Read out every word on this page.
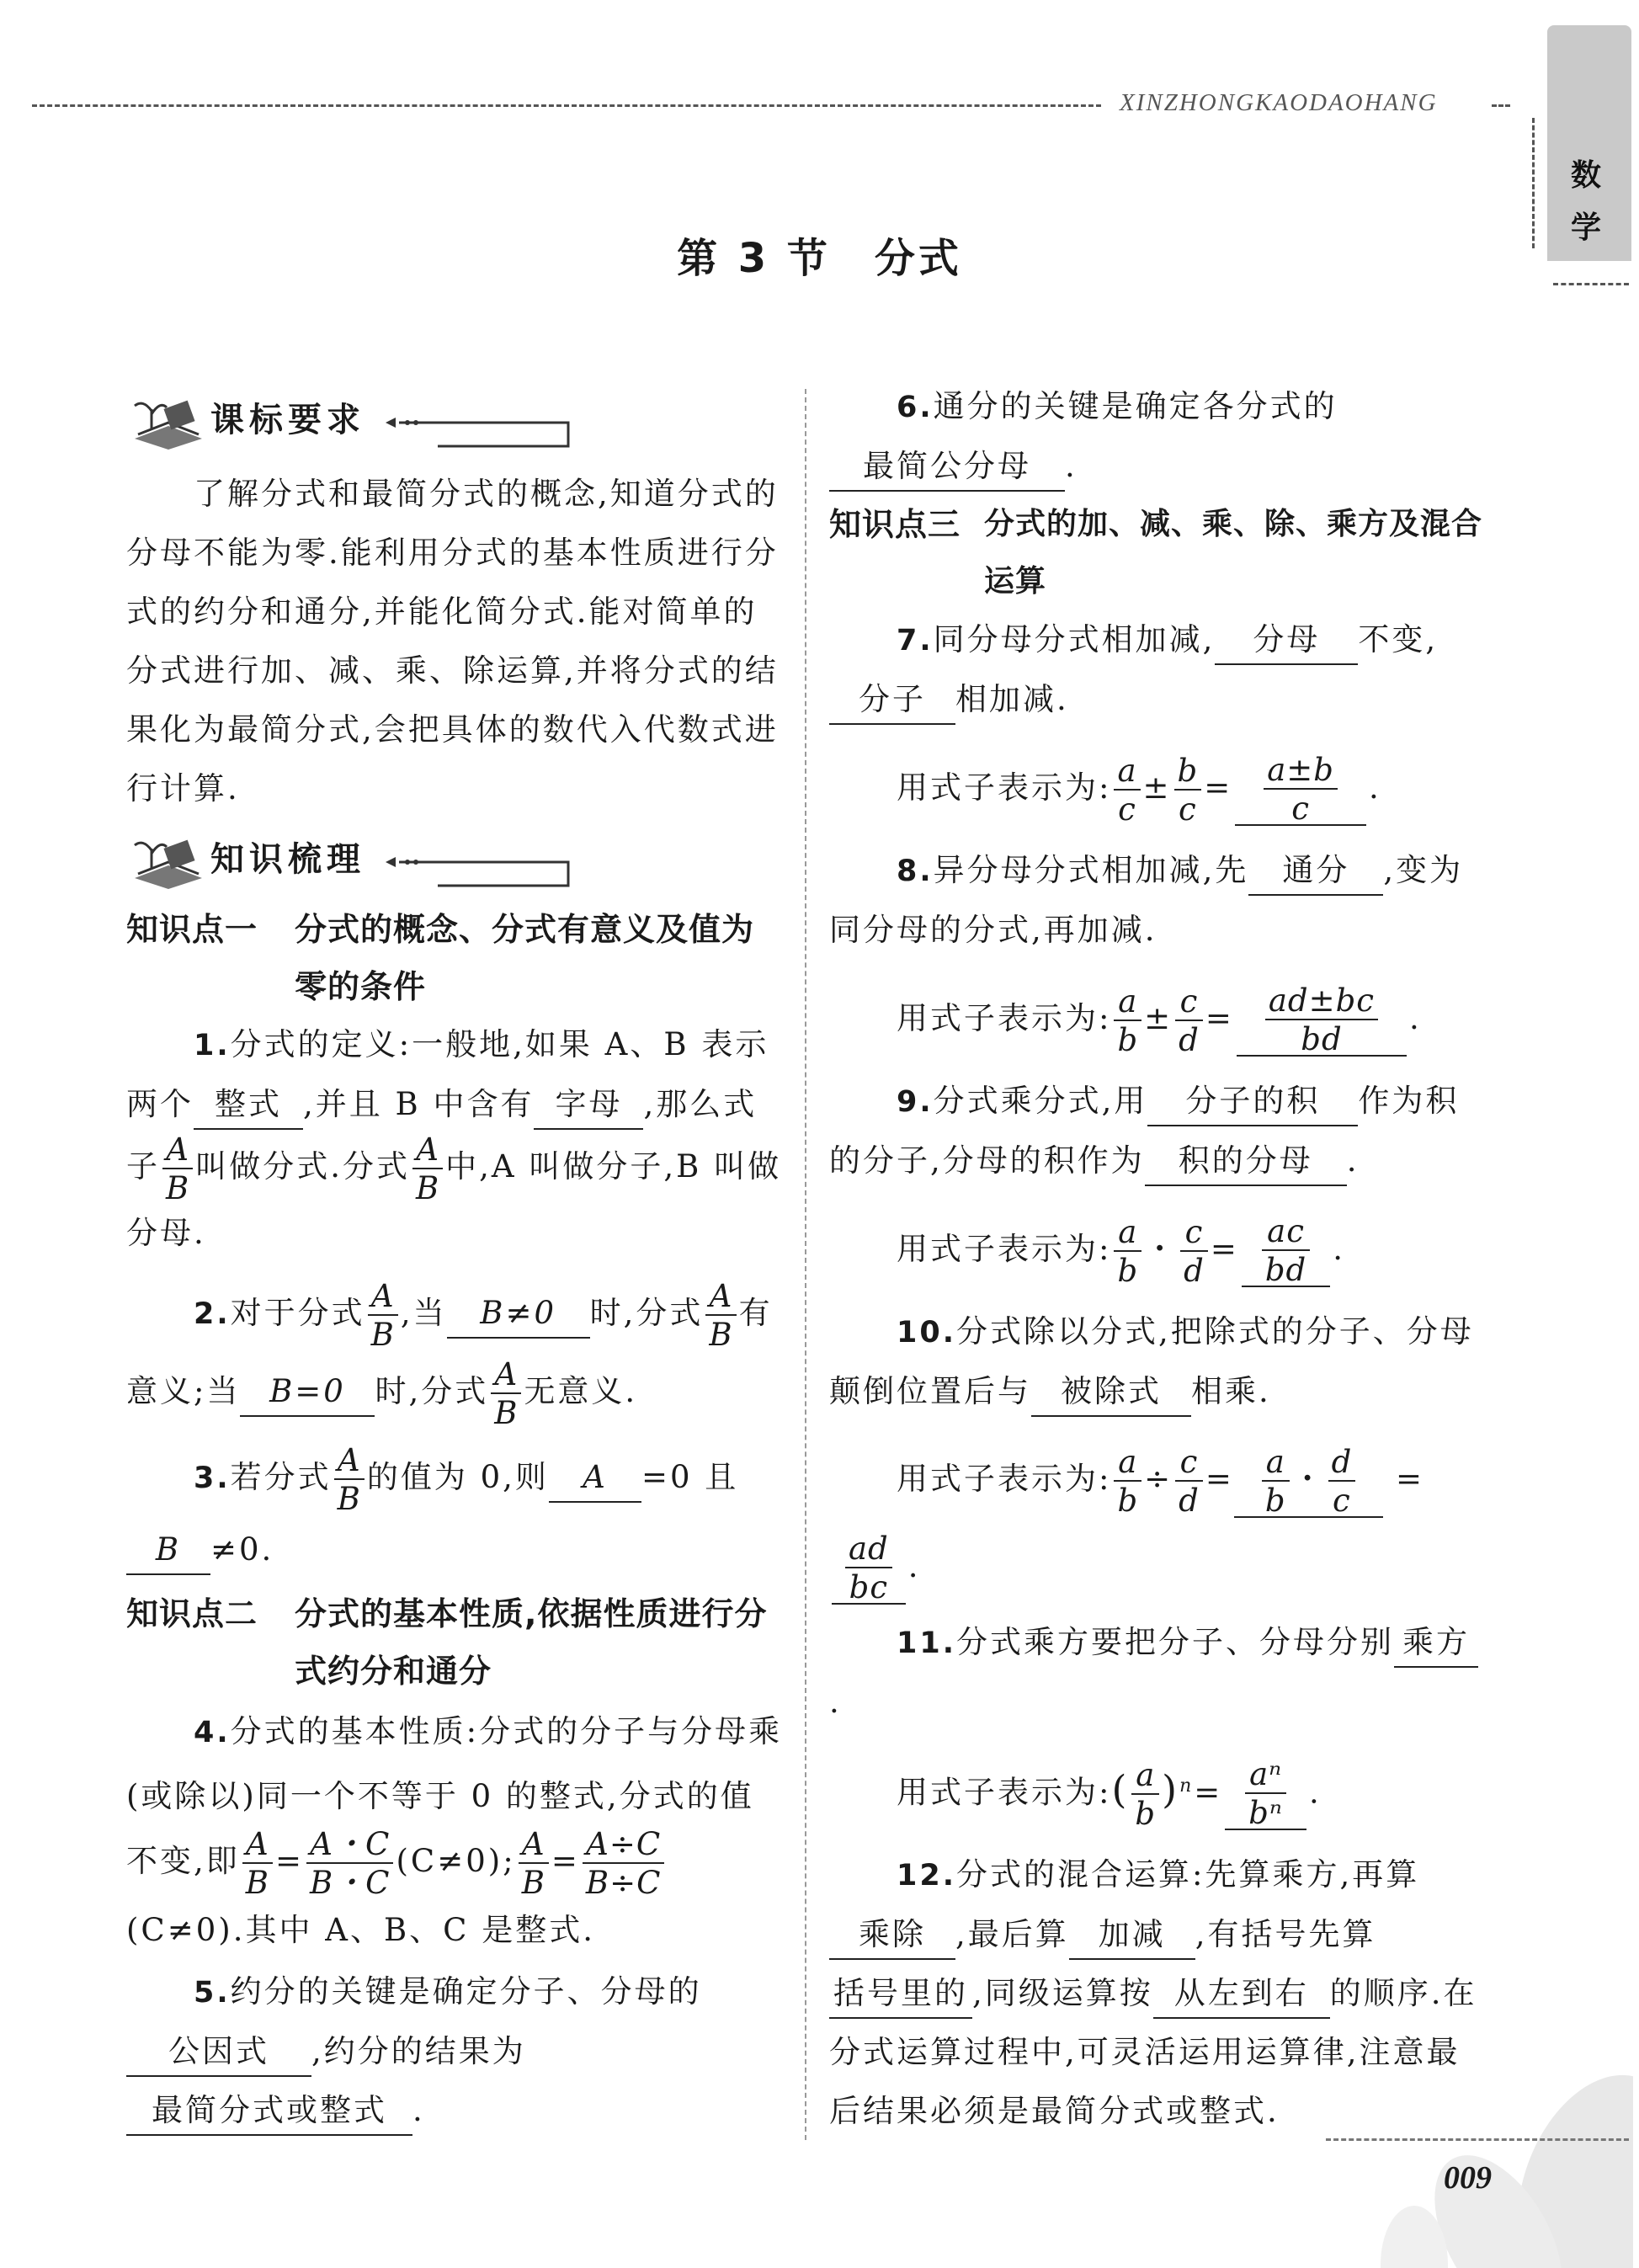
XINZHONGKAODAOHANG
数学
第 3 节　分式
课标要求

了解分式和最简分式的概念,知道分式的分母不能为零.能利用分式的基本性质进行分式的约分和通分,并能化简分式.能对简单的分式进行加、减、乘、除运算,并将分式的结果化为最简分式,会把具体的数代入代数式进行计算.

知识梳理
知识点一 分式的概念、分式有意义及值为零的条件

1.分式的定义:一般地,如果 A、B 表示两个 整式 ,并且 B 中含有 字母 ,那么式子 $\frac{A}{B}$ 叫做分式.分式 $\frac{A}{B}$ 中,A 叫做分子,B 叫做分母.

2.对于分式 $\frac{A}{B}$ ,当 B≠0 时,分式 $\frac{A}{B}$ 有意义;当 B=0 时,分式 $\frac{A}{B}$ 无意义.

3.若分式 $\frac{A}{B}$ 的值为 0,则 A =0 且B ≠0.

知识点二 分式的基本性质,依据性质进行分式约分和通分

4.分式的基本性质:分式的分子与分母乘(或除以)同一个不等于 0 的整式,分式的值不变,即 $\frac{A}{B} = \frac{A・C}{B・C} (C\ne 0)$; $\frac{A}{B} = \frac{A\div C}{B\div C}$
(C≠0).其中 A、B、C 是整式.

5.约分的关键是确定分子、分母的公因式 ,约分的结果为最简分式或整式 .

6.通分的关键是确定各分式的最简公分母 .

知识点三 分式的加、减、乘、除、乘方及混合运算

7.同分母分式相加减, 分母 不变,分子 相加减.

用式子表示为: $\frac{a}{c} \pm \frac{b}{c} = \frac{a\pm b}{c}$ .

8.异分母分式相加减,先 通分 ,变为同分母的分式,再加减.

用式子表示为: $\frac{a}{b} \pm \frac{c}{d} = \frac{ad\pm bc}{bd}$ .

9.分式乘分式,用 分子的积 作为积的分子,分母的积作为 积的分母 .

用式子表示为: $\frac{a}{b}$ ・ $\frac{c}{d} = \frac{ac}{bd}$ .

10.分式除以分式,把除式的分子、分母颠倒位置后与 被除式 相乘.

用式子表示为: $\frac{a}{b} \div \frac{c}{d} = \frac{a}{b}$ ・ $\frac{d}{c}$ =

$\frac{ad}{bc}$ .

11.分式乘方要把分子、分母分别 乘方.

用式子表示为:( $\frac{a}{b} )^n= \frac{\text{aⁿ}}{\text{bⁿ}}$ .

12.分式的混合运算:先算乘方,再算乘除 ,最后算 加减 ,有括号先算括号里的 ,同级运算按 从左到右 的顺序.在分式运算过程中,可灵活运用运算律,注意最后结果必须是最简分式或整式.

009
